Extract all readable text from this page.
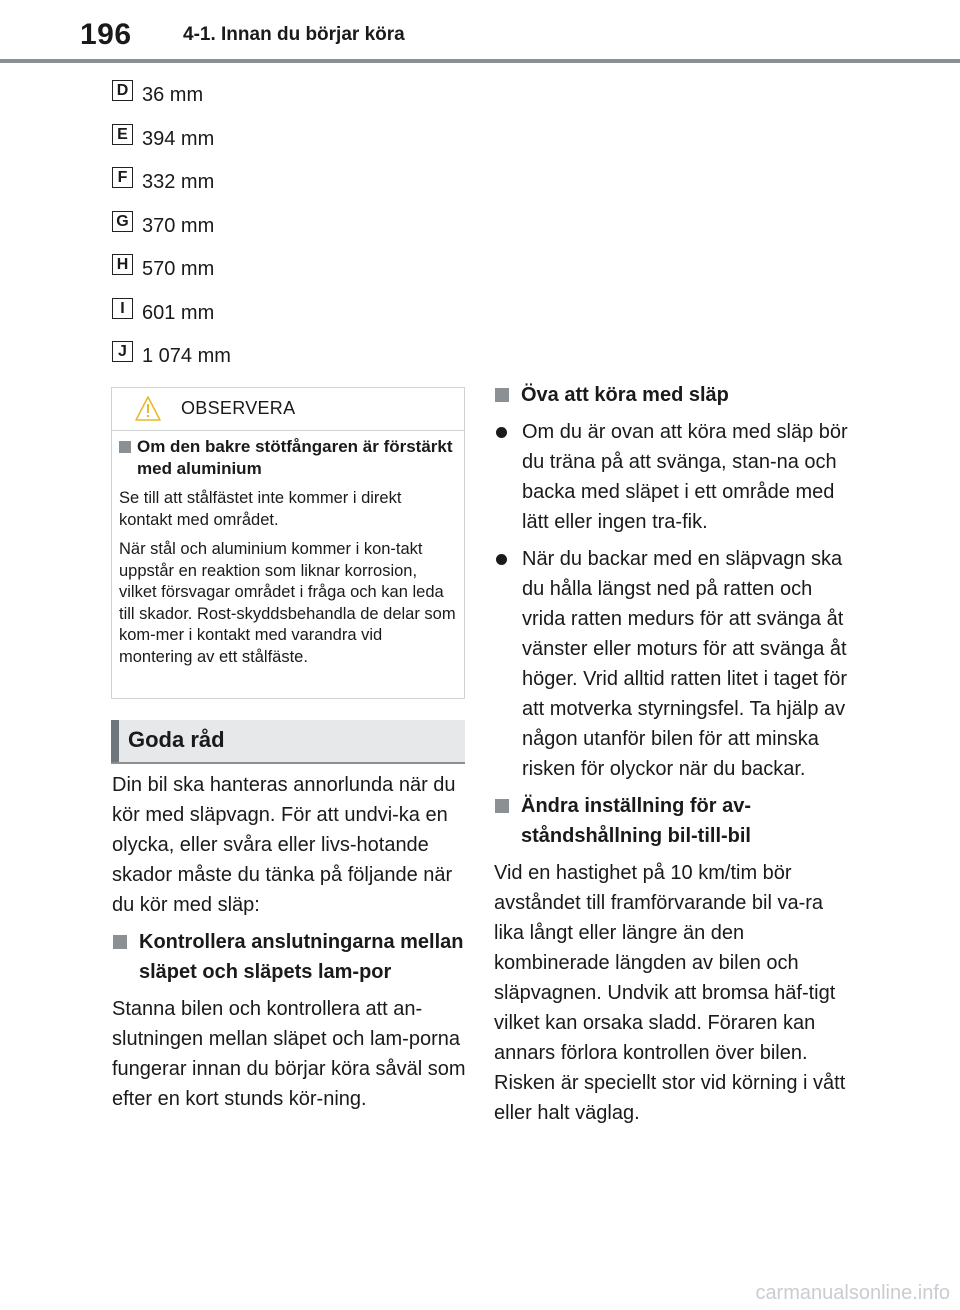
196	4-1. Innan du börjar köra
D 36 mm
E 394 mm
F 332 mm
G 370 mm
H 570 mm
I 601 mm
J 1 074 mm
OBSERVERA
Om den bakre stötfångaren är förstärkt med aluminium

Se till att stålfästet inte kommer i direkt kontakt med området.

När stål och aluminium kommer i kon-takt uppstår en reaktion som liknar korrosion, vilket försvagar området i fråga och kan leda till skador. Rost-skyddsbehandla de delar som kom-mer i kontakt med varandra vid montering av ett stålfäste.

Goda råd

Din bil ska hanteras annorlunda när du kör med släpvagn. För att undvi-ka en olycka, eller svåra eller livs-hotande skador måste du tänka på följande när du kör med släp:

Kontrollera anslutningarna mellan släpet och släpets lam-por

Stanna bilen och kontrollera att an-slutningen mellan släpet och lam-porna fungerar innan du börjar köra såväl som efter en kort stunds kör-ning.

Öva att köra med släp
Om du är ovan att köra med släp bör du träna på att svänga, stan-na och backa med släpet i ett område med lätt eller ingen tra-fik.
När du backar med en släpvagn ska du hålla längst ned på ratten och vrida ratten medurs för att svänga åt vänster eller moturs för att svänga åt höger. Vrid alltid ratten litet i taget för att motverka styrningsfel. Ta hjälp av någon utanför bilen för att minska risken för olyckor när du backar.
Ändra inställning för av-ståndshållning bil-till-bil

Vid en hastighet på 10 km/tim bör avståndet till framförvarande bil va-ra lika långt eller längre än den kombinerade längden av bilen och släpvagnen. Undvik att bromsa häf-tigt vilket kan orsaka sladd. Föraren kan annars förlora kontrollen över bilen. Risken är speciellt stor vid körning i vått eller halt väglag.

carmanualsonline.info
